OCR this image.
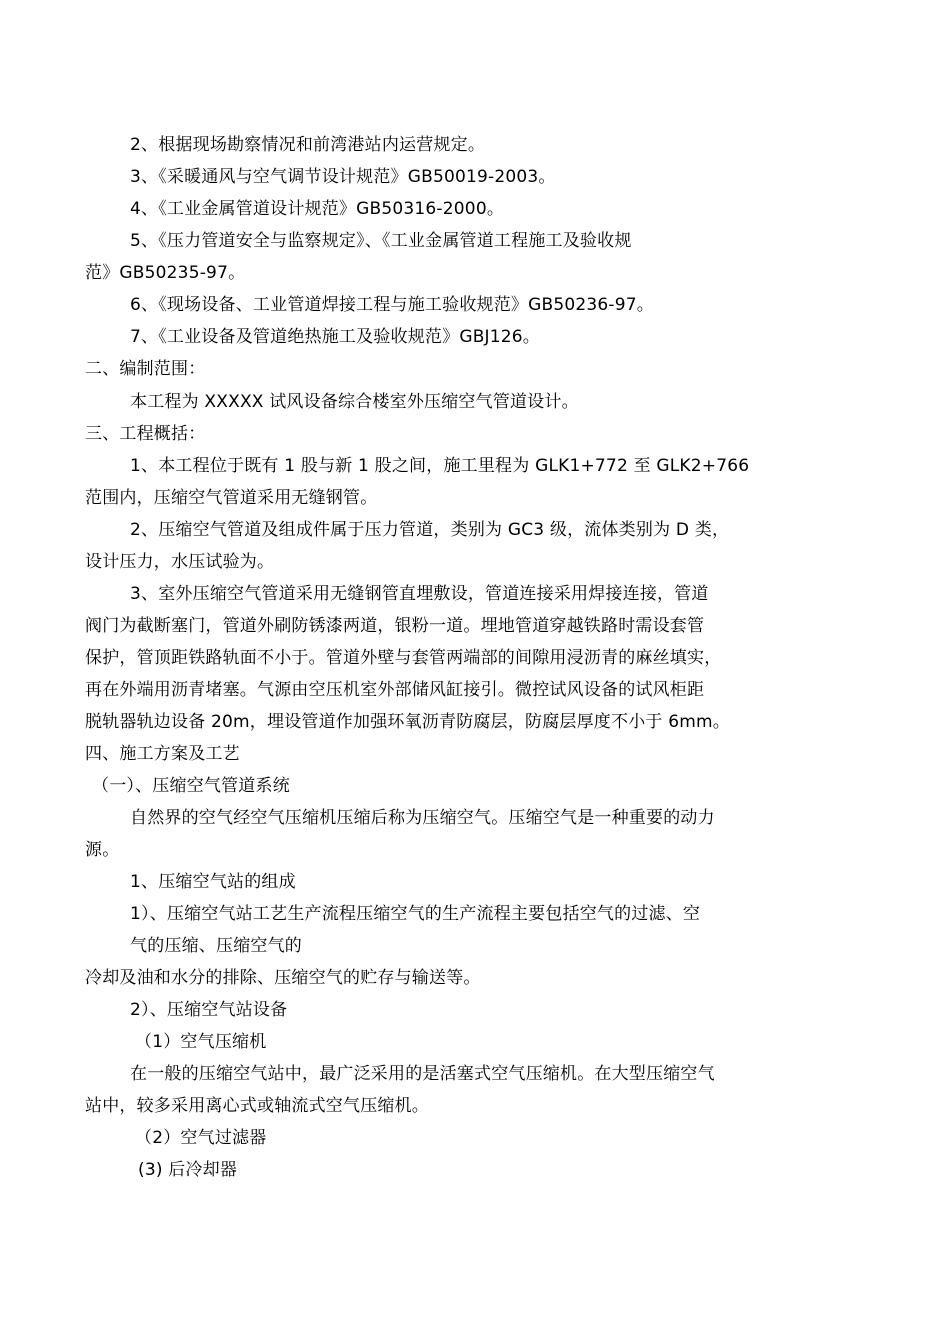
2、根据现场勘察情况和前湾港站内运营规定。
3、《采暖通风与空气调节设计规范》GB50019-2003。
4、《工业金属管道设计规范》GB50316-2000。
5、《压力管道安全与监察规定》、《工业金属管道工程施工及验收规
范》GB50235-97。
6、《现场设备、工业管道焊接工程与施工验收规范》GB50236-97。
7、《工业设备及管道绝热施工及验收规范》GBJ126。
二、编制范围：
本工程为 XXXXX 试风设备综合楼室外压缩空气管道设计。
三、工程概括：
1、本工程位于既有 1 股与新 1 股之间，施工里程为 GLK1+772 至 GLK2+766
范围内，压缩空气管道采用无缝钢管。
2、压缩空气管道及组成件属于压力管道，类别为 GC3 级，流体类别为 D 类，
设计压力，水压试验为。
3、室外压缩空气管道采用无缝钢管直埋敷设，管道连接采用焊接连接，管道
阀门为截断塞门，管道外刷防锈漆两道，银粉一道。埋地管道穿越铁路时需设套管
保护，管顶距铁路轨面不小于。管道外壁与套管两端部的间隙用浸沥青的麻丝填实，
再在外端用沥青堵塞。气源由空压机室外部储风缸接引。微控试风设备的试风柜距
脱轨器轨边设备 20m，埋设管道作加强环氧沥青防腐层，防腐层厚度不小于 6mm。
四、施工方案及工艺
（一）、压缩空气管道系统
自然界的空气经空气压缩机压缩后称为压缩空气。压缩空气是一种重要的动力
源。
1、压缩空气站的组成
1）、压缩空气站工艺生产流程压缩空气的生产流程主要包括空气的过滤、空
气的压缩、压缩空气的
冷却及油和水分的排除、压缩空气的贮存与输送等。
2）、压缩空气站设备
（1）空气压缩机
在一般的压缩空气站中，最广泛采用的是活塞式空气压缩机。在大型压缩空气
站中，较多采用离心式或轴流式空气压缩机。
（2）空气过滤器
(3) 后冷却器
